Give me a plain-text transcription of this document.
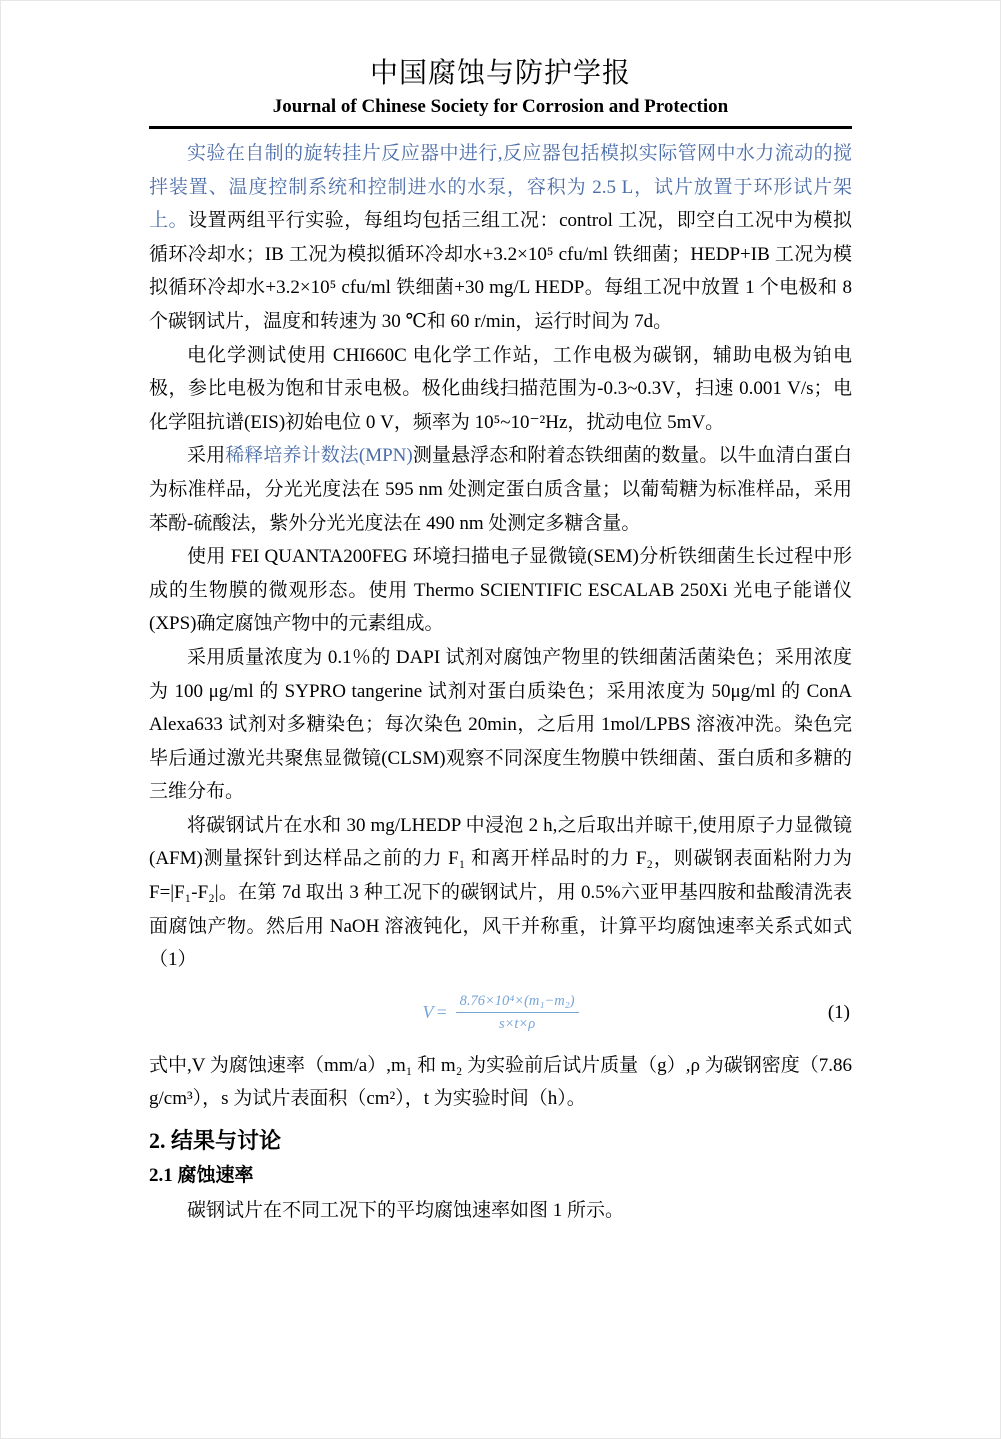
中国腐蚀与防护学报
Journal of Chinese Society for Corrosion and Protection

实验在自制的旋转挂片反应器中进行,反应器包括模拟实际管网中水力流动的搅拌装置、温度控制系统和控制进水的水泵，容积为 2.5 L，试片放置于环形试片架上。设置两组平行实验，每组均包括三组工况：control 工况，即空白工况中为模拟循环冷却水；IB 工况为模拟循环冷却水+3.2×10⁵ cfu/ml 铁细菌；HEDP+IB 工况为模拟循环冷却水+3.2×10⁵ cfu/ml 铁细菌+30 mg/L HEDP。每组工况中放置 1 个电极和 8 个碳钢试片，温度和转速为 30 ℃和 60 r/min，运行时间为 7d。

电化学测试使用 CHI660C 电化学工作站，工作电极为碳钢，辅助电极为铂电极，参比电极为饱和甘汞电极。极化曲线扫描范围为-0.3~0.3V，扫速 0.001 V/s；电化学阻抗谱(EIS)初始电位 0 V，频率为 10⁵~10⁻²Hz，扰动电位 5mV。

采用稀释培养计数法(MPN)测量悬浮态和附着态铁细菌的数量。以牛血清白蛋白为标准样品，分光光度法在 595 nm 处测定蛋白质含量；以葡萄糖为标准样品，采用苯酚-硫酸法，紫外分光光度法在 490 nm 处测定多糖含量。

使用 FEI QUANTA200FEG 环境扫描电子显微镜(SEM)分析铁细菌生长过程中形成的生物膜的微观形态。使用 Thermo SCIENTIFIC ESCALAB 250Xi 光电子能谱仪(XPS)确定腐蚀产物中的元素组成。

采用质量浓度为 0.1％的 DAPI 试剂对腐蚀产物里的铁细菌活菌染色；采用浓度为 100 μg/ml 的 SYPRO tangerine 试剂对蛋白质染色；采用浓度为 50μg/ml 的 ConA Alexa633 试剂对多糖染色；每次染色 20min，之后用 1mol/LPBS 溶液冲洗。染色完毕后通过激光共聚焦显微镜(CLSM)观察不同深度生物膜中铁细菌、蛋白质和多糖的三维分布。

将碳钢试片在水和 30 mg/LHEDP 中浸泡 2 h,之后取出并晾干,使用原子力显微镜(AFM)测量探针到达样品之前的力 F₁ 和离开样品时的力 F₂，则碳钢表面粘附力为 F=|F₁-F₂|。在第 7d 取出 3 种工况下的碳钢试片，用 0.5%六亚甲基四胺和盐酸清洗表面腐蚀产物。然后用 NaOH 溶液钝化，风干并称重，计算平均腐蚀速率关系式如式（1）

$V = \frac{\text{8.76×10⁴×(m₁−m₂)}}{s\times t\times\rho}$	(1)

式中,V 为腐蚀速率（mm/a）,m₁ 和 m₂ 为实验前后试片质量（g）,ρ 为碳钢密度（7.86 g/cm³），s 为试片表面积（cm²），t 为实验时间（h）。

2. 结果与讨论
2.1 腐蚀速率

碳钢试片在不同工况下的平均腐蚀速率如图 1 所示。
